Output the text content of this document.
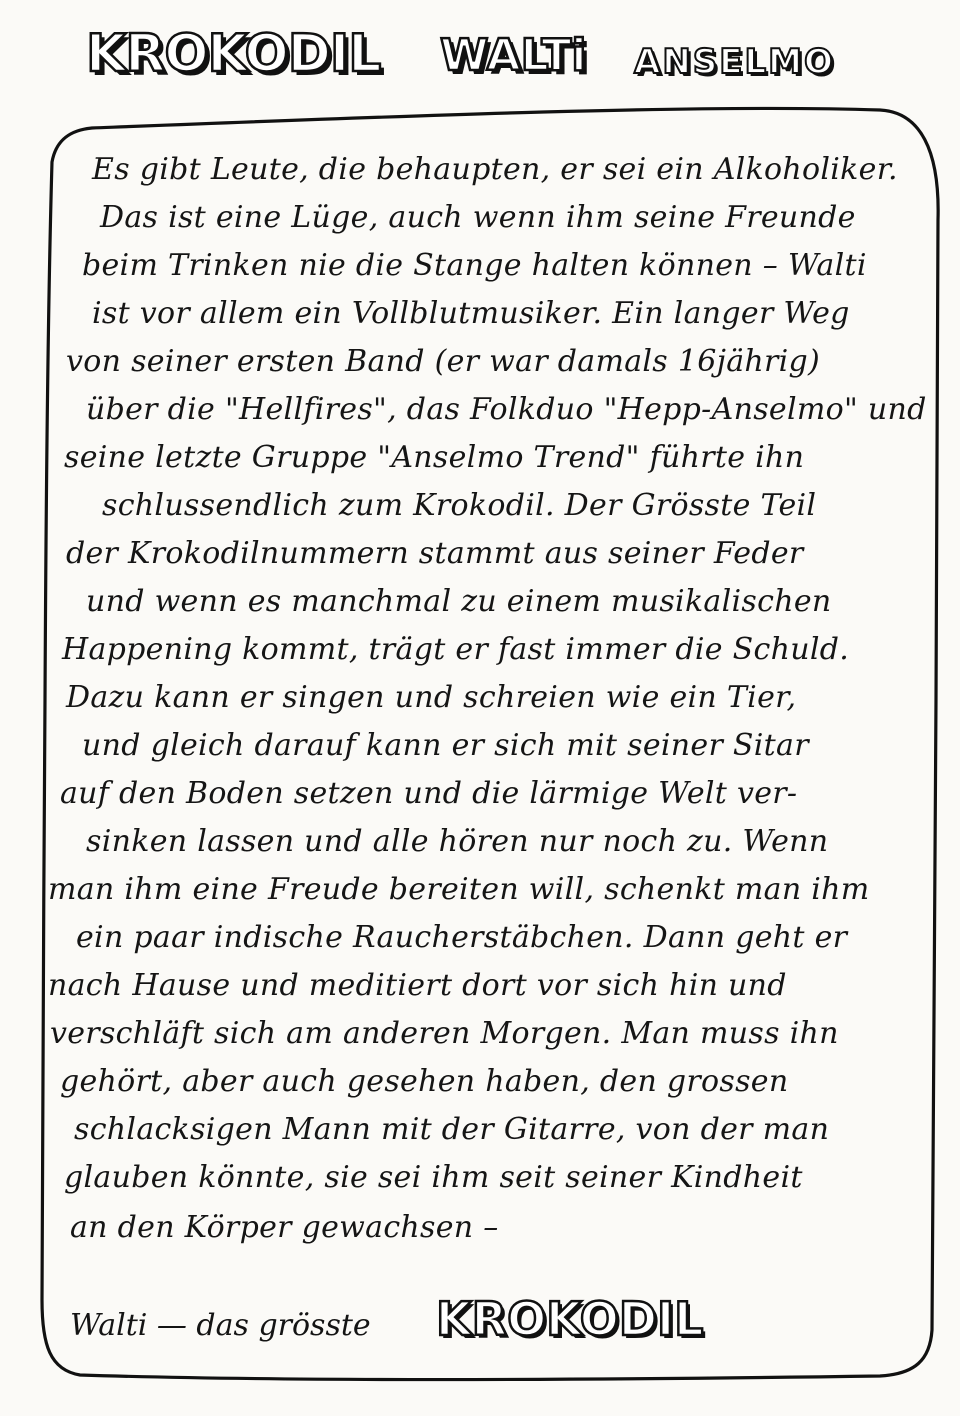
KROKODIL WALTi ANSELMO
Es gibt Leute, die behaupten, er sei ein Alkoholiker.
Das ist eine Lüge, auch wenn ihm seine Freunde
beim Trinken nie die Stange halten können – Walti
ist vor allem ein Vollblutmusiker. Ein langer Weg
von seiner ersten Band (er war damals 16jährig)
über die "Hellfires", das Folkduo "Hepp-Anselmo" und
seine letzte Gruppe "Anselmo Trend" führte ihn
schlussendlich zum Krokodil. Der Grösste Teil
der Krokodilnummern stammt aus seiner Feder
und wenn es manchmal zu einem musikalischen
Happening kommt, trägt er fast immer die Schuld.
Dazu kann er singen und schreien wie ein Tier,
und gleich darauf kann er sich mit seiner Sitar
auf den Boden setzen und die lärmige Welt ver-
sinken lassen und alle hören nur noch zu. Wenn
man ihm eine Freude bereiten will, schenkt man ihm
ein paar indische Raucherstäbchen. Dann geht er
nach Hause und meditiert dort vor sich hin und
verschläft sich am anderen Morgen. Man muss ihn
gehört, aber auch gesehen haben, den grossen
schlacksigen Mann mit der Gitarre, von der man
glauben könnte, sie sei ihm seit seiner Kindheit
an den Körper gewachsen –
Walti — das grösste KROKODIL
